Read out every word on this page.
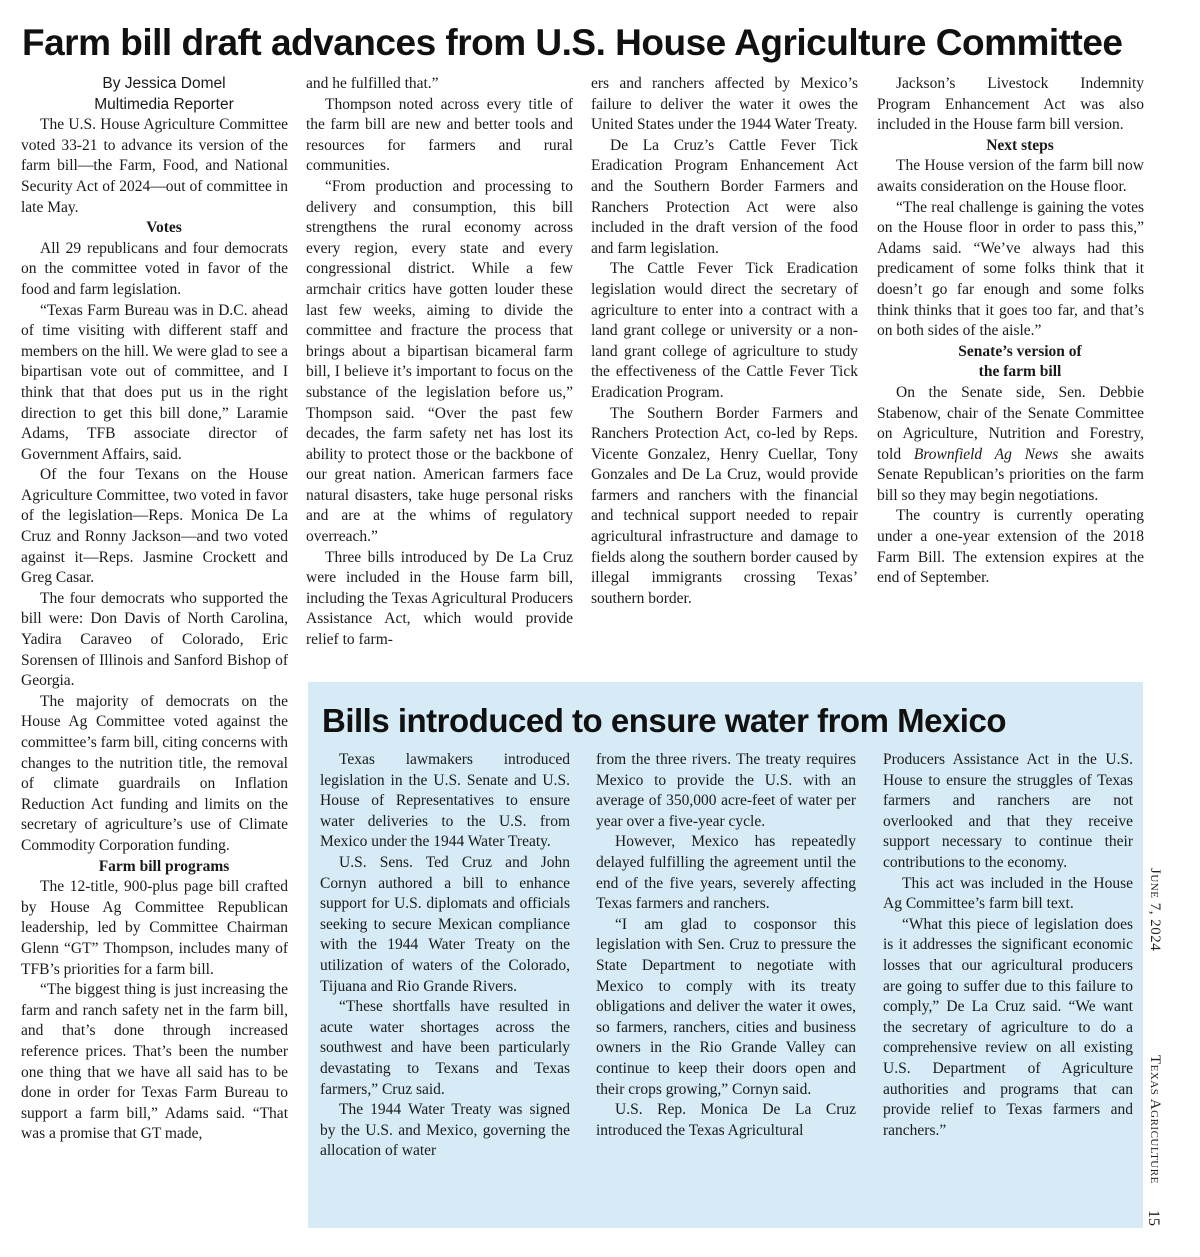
Farm bill draft advances from U.S. House Agriculture Committee

By Jessica Domel

Multimedia Reporter

The U.S. House Agriculture Committee voted 33-21 to advance its version of the farm bill—the Farm, Food, and National Security Act of 2024—out of committee in late May.

Votes

All 29 republicans and four democrats on the committee voted in favor of the food and farm legislation.

“Texas Farm Bureau was in D.C. ahead of time visiting with different staff and members on the hill. We were glad to see a bipartisan vote out of committee, and I think that that does put us in the right direction to get this bill done,” Laramie Adams, TFB associate director of Government Affairs, said.

Of the four Texans on the House Agriculture Committee, two voted in favor of the legislation—Reps. Monica De La Cruz and Ronny Jackson—and two voted against it—Reps. Jasmine Crockett and Greg Casar.

The four democrats who supported the bill were: Don Davis of North Carolina, Yadira Caraveo of Colorado, Eric Sorensen of Illinois and Sanford Bishop of Georgia.

The majority of democrats on the House Ag Committee voted against the committee’s farm bill, citing concerns with changes to the nutrition title, the removal of climate guardrails on Inflation Reduction Act funding and limits on the secretary of agriculture’s use of Climate Commodity Corporation funding.

Farm bill programs

The 12-title, 900-plus page bill crafted by House Ag Committee Republican leadership, led by Committee Chairman Glenn “GT” Thompson, includes many of TFB’s priorities for a farm bill.

“The biggest thing is just increasing the farm and ranch safety net in the farm bill, and that’s done through increased reference prices. That’s been the number one thing that we have all said has to be done in order for Texas Farm Bureau to support a farm bill,” Adams said. “That was a promise that GT made,

and he fulfilled that.”

Thompson noted across every title of the farm bill are new and better tools and resources for farmers and rural communities.

“From production and processing to delivery and consumption, this bill strengthens the rural economy across every region, every state and every congressional district. While a few armchair critics have gotten louder these last few weeks, aiming to divide the committee and fracture the process that brings about a bipartisan bicameral farm bill, I believe it’s important to focus on the substance of the legislation before us,” Thompson said. “Over the past few decades, the farm safety net has lost its ability to protect those or the backbone of our great nation. American farmers face natural disasters, take huge personal risks and are at the whims of regulatory overreach.”

Three bills introduced by De La Cruz were included in the House farm bill, including the Texas Agricultural Producers Assistance Act, which would provide relief to farm-

ers and ranchers affected by Mexico’s failure to deliver the water it owes the United States under the 1944 Water Treaty.

De La Cruz’s Cattle Fever Tick Eradication Program Enhancement Act and the Southern Border Farmers and Ranchers Protection Act were also included in the draft version of the food and farm legislation.

The Cattle Fever Tick Eradication legislation would direct the secretary of agriculture to enter into a contract with a land grant college or university or a non-land grant college of agriculture to study the effectiveness of the Cattle Fever Tick Eradication Program.

The Southern Border Farmers and Ranchers Protection Act, co-led by Reps. Vicente Gonzalez, Henry Cuellar, Tony Gonzales and De La Cruz, would provide farmers and ranchers with the financial and technical support needed to repair agricultural infrastructure and damage to fields along the southern border caused by illegal immigrants crossing Texas’ southern border.

Jackson’s Livestock Indemnity Program Enhancement Act was also included in the House farm bill version.

Next steps

The House version of the farm bill now awaits consideration on the House floor.

“The real challenge is gaining the votes on the House floor in order to pass this,” Adams said. “We’ve always had this predicament of some folks think that it doesn’t go far enough and some folks think thinks that it goes too far, and that’s on both sides of the aisle.”

Senate’s version of

the farm bill

On the Senate side, Sen. Debbie Stabenow, chair of the Senate Committee on Agriculture, Nutrition and Forestry, told Brownfield Ag News she awaits Senate Republican’s priorities on the farm bill so they may begin negotiations.

The country is currently operating under a one-year extension of the 2018 Farm Bill. The extension expires at the end of September.

Bills introduced to ensure water from Mexico

Texas lawmakers introduced legislation in the U.S. Senate and U.S. House of Representatives to ensure water deliveries to the U.S. from Mexico under the 1944 Water Treaty.

U.S. Sens. Ted Cruz and John Cornyn authored a bill to enhance support for U.S. diplomats and officials seeking to secure Mexican compliance with the 1944 Water Treaty on the utilization of waters of the Colorado, Tijuana and Rio Grande Rivers.

“These shortfalls have resulted in acute water shortages across the southwest and have been particularly devastating to Texans and Texas farmers,” Cruz said.

The 1944 Water Treaty was signed by the U.S. and Mexico, governing the allocation of water

from the three rivers. The treaty requires Mexico to provide the U.S. with an average of 350,000 acre-feet of water per year over a five-year cycle.

However, Mexico has repeatedly delayed fulfilling the agreement until the end of the five years, severely affecting Texas farmers and ranchers.

“I am glad to cosponsor this legislation with Sen. Cruz to pressure the State Department to negotiate with Mexico to comply with its treaty obligations and deliver the water it owes, so farmers, ranchers, cities and business owners in the Rio Grande Valley can continue to keep their doors open and their crops growing,” Cornyn said.

U.S. Rep. Monica De La Cruz introduced the Texas Agricultural

Producers Assistance Act in the U.S. House to ensure the struggles of Texas farmers and ranchers are not overlooked and that they receive support necessary to continue their contributions to the economy.

This act was included in the House Ag Committee’s farm bill text.

“What this piece of legislation does is it addresses the significant economic losses that our agricultural producers are going to suffer due to this failure to comply,” De La Cruz said. “We want the secretary of agriculture to do a comprehensive review on all existing U.S. Department of Agriculture authorities and programs that can provide relief to Texas farmers and ranchers.”

June 7, 2024
Texas Agriculture
15
